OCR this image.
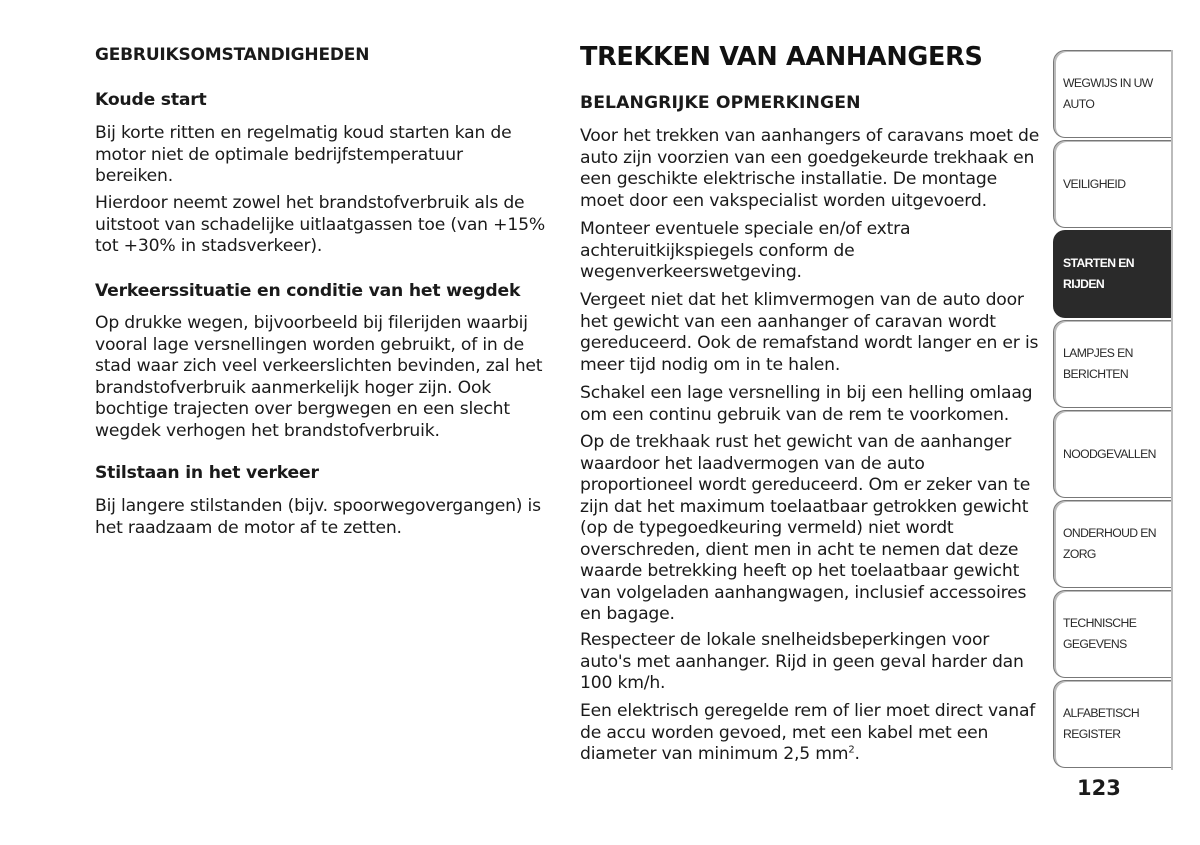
GEBRUIKSOMSTANDIGHEDEN
Koude start

Bij korte ritten en regelmatig koud starten kan de motor niet de optimale bedrijfstemperatuur bereiken.

Hierdoor neemt zowel het brandstofverbruik als de uitstoot van schadelijke uitlaatgassen toe (van +15% tot +30% in stadsverkeer).

Verkeerssituatie en conditie van het wegdek

Op drukke wegen, bijvoorbeeld bij filerijden waarbij vooral lage versnellingen worden gebruikt, of in de stad waar zich veel verkeerslichten bevinden, zal het brandstofverbruik aanmerkelijk hoger zijn. Ook bochtige trajecten over bergwegen en een slecht wegdek verhogen het brandstofverbruik.

Stilstaan in het verkeer

Bij langere stilstanden (bijv. spoorwegovergangen) is het raadzaam de motor af te zetten.

TREKKEN VAN AANHANGERS
BELANGRIJKE OPMERKINGEN

Voor het trekken van aanhangers of caravans moet de auto zijn voorzien van een goedgekeurde trekhaak en een geschikte elektrische installatie. De montage moet door een vakspecialist worden uitgevoerd.

Monteer eventuele speciale en/of extra achteruitkijkspiegels conform de wegenverkeerswetgeving.

Vergeet niet dat het klimvermogen van de auto door het gewicht van een aanhanger of caravan wordt gereduceerd. Ook de remafstand wordt langer en er is meer tijd nodig om in te halen.

Schakel een lage versnelling in bij een helling omlaag om een continu gebruik van de rem te voorkomen.

Op de trekhaak rust het gewicht van de aanhanger waardoor het laadvermogen van de auto proportioneel wordt gereduceerd. Om er zeker van te zijn dat het maximum toelaatbaar getrokken gewicht (op de typegoedkeuring vermeld) niet wordt overschreden, dient men in acht te nemen dat deze waarde betrekking heeft op het toelaatbaar gewicht van volgeladen aanhangwagen, inclusief accessoires en bagage.

Respecteer de lokale snelheidsbeperkingen voor auto's met aanhanger. Rijd in geen geval harder dan 100 km/h.

Een elektrisch geregelde rem of lier moet direct vanaf de accu worden gevoed, met een kabel met een diameter van minimum 2,5 $mm^2$.

WEGWIJS IN UW AUTO
VEILIGHEID
STARTEN EN RIJDEN
LAMPJES EN BERICHTEN
NOODGEVALLEN
ONDERHOUD EN ZORG
TECHNISCHE GEGEVENS
ALFABETISCH REGISTER
123
